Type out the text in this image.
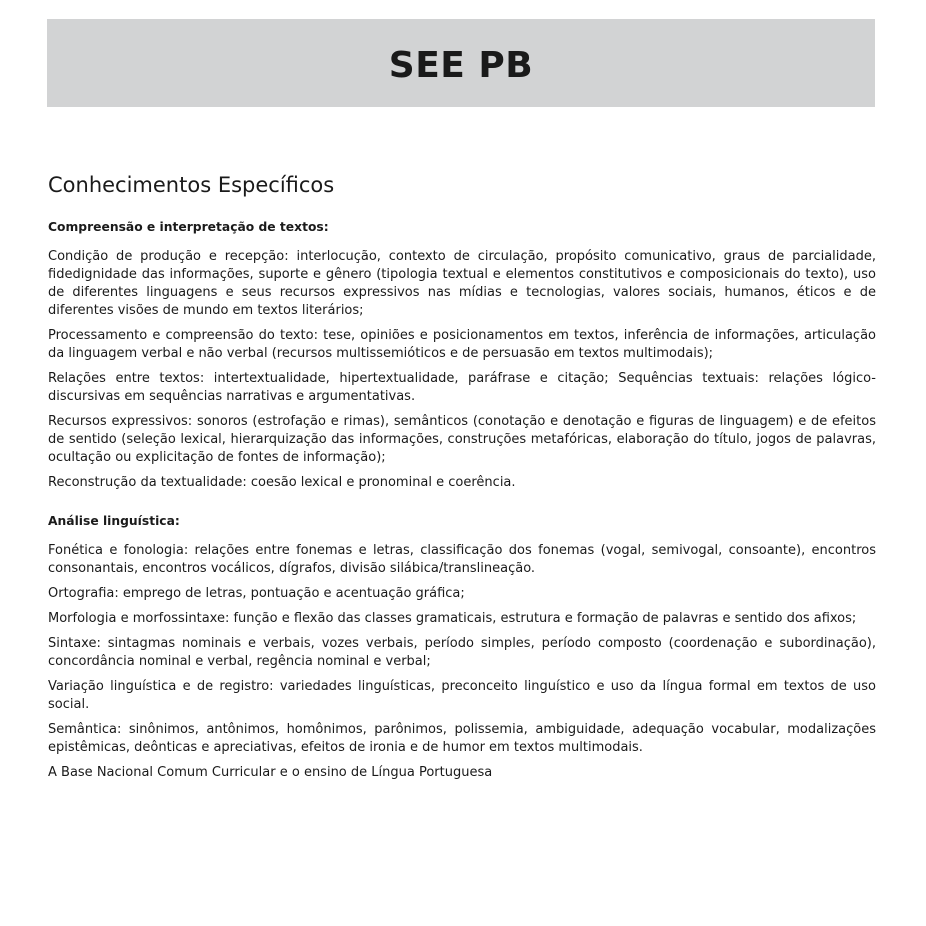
SEE PB
Conhecimentos Específicos
Compreensão e interpretação de textos:

Condição de produção e recepção: interlocução, contexto de circulação, propósito comunicativo, graus de parcialidade, fidedignidade das informações, suporte e gênero (tipologia textual e elementos constitutivos e composicionais do texto), uso de diferentes linguagens e seus recursos expressivos nas mídias e tecnologias, valores sociais, humanos, éticos e de diferentes visões de mundo em textos literários;

Processamento e compreensão do texto: tese, opiniões e posicionamentos em textos, inferência de informações, articulação da linguagem verbal e não verbal (recursos multissemióticos e de persuasão em textos multimodais);

Relações entre textos: intertextualidade, hipertextualidade, paráfrase e citação; Sequências textuais: relações lógico-discursivas em sequências narrativas e argumentativas.

Recursos expressivos: sonoros (estrofação e rimas), semânticos (conotação e denotação e figuras de linguagem) e de efeitos de sentido (seleção lexical, hierarquização das informações, construções metafóricas, elaboração do título, jogos de palavras, ocultação ou explicitação de fontes de informação);

Reconstrução da textualidade: coesão lexical e pronominal e coerência.

Análise linguística:

Fonética e fonologia: relações entre fonemas e letras, classificação dos fonemas (vogal, semivogal, consoante), encontros consonantais, encontros vocálicos, dígrafos, divisão silábica/translineação.

Ortografia: emprego de letras, pontuação e acentuação gráfica;

Morfologia e morfossintaxe: função e flexão das classes gramaticais, estrutura e formação de palavras e sentido dos afixos;

Sintaxe: sintagmas nominais e verbais, vozes verbais, período simples, período composto (coordenação e subordinação), concordância nominal e verbal, regência nominal e verbal;

Variação linguística e de registro: variedades linguísticas, preconceito linguístico e uso da língua formal em textos de uso social.

Semântica: sinônimos, antônimos, homônimos, parônimos, polissemia, ambiguidade, adequação vocabular, modalizações epistêmicas, deônticas e apreciativas, efeitos de ironia e de humor em textos multimodais.

A Base Nacional Comum Curricular e o ensino de Língua Portuguesa
